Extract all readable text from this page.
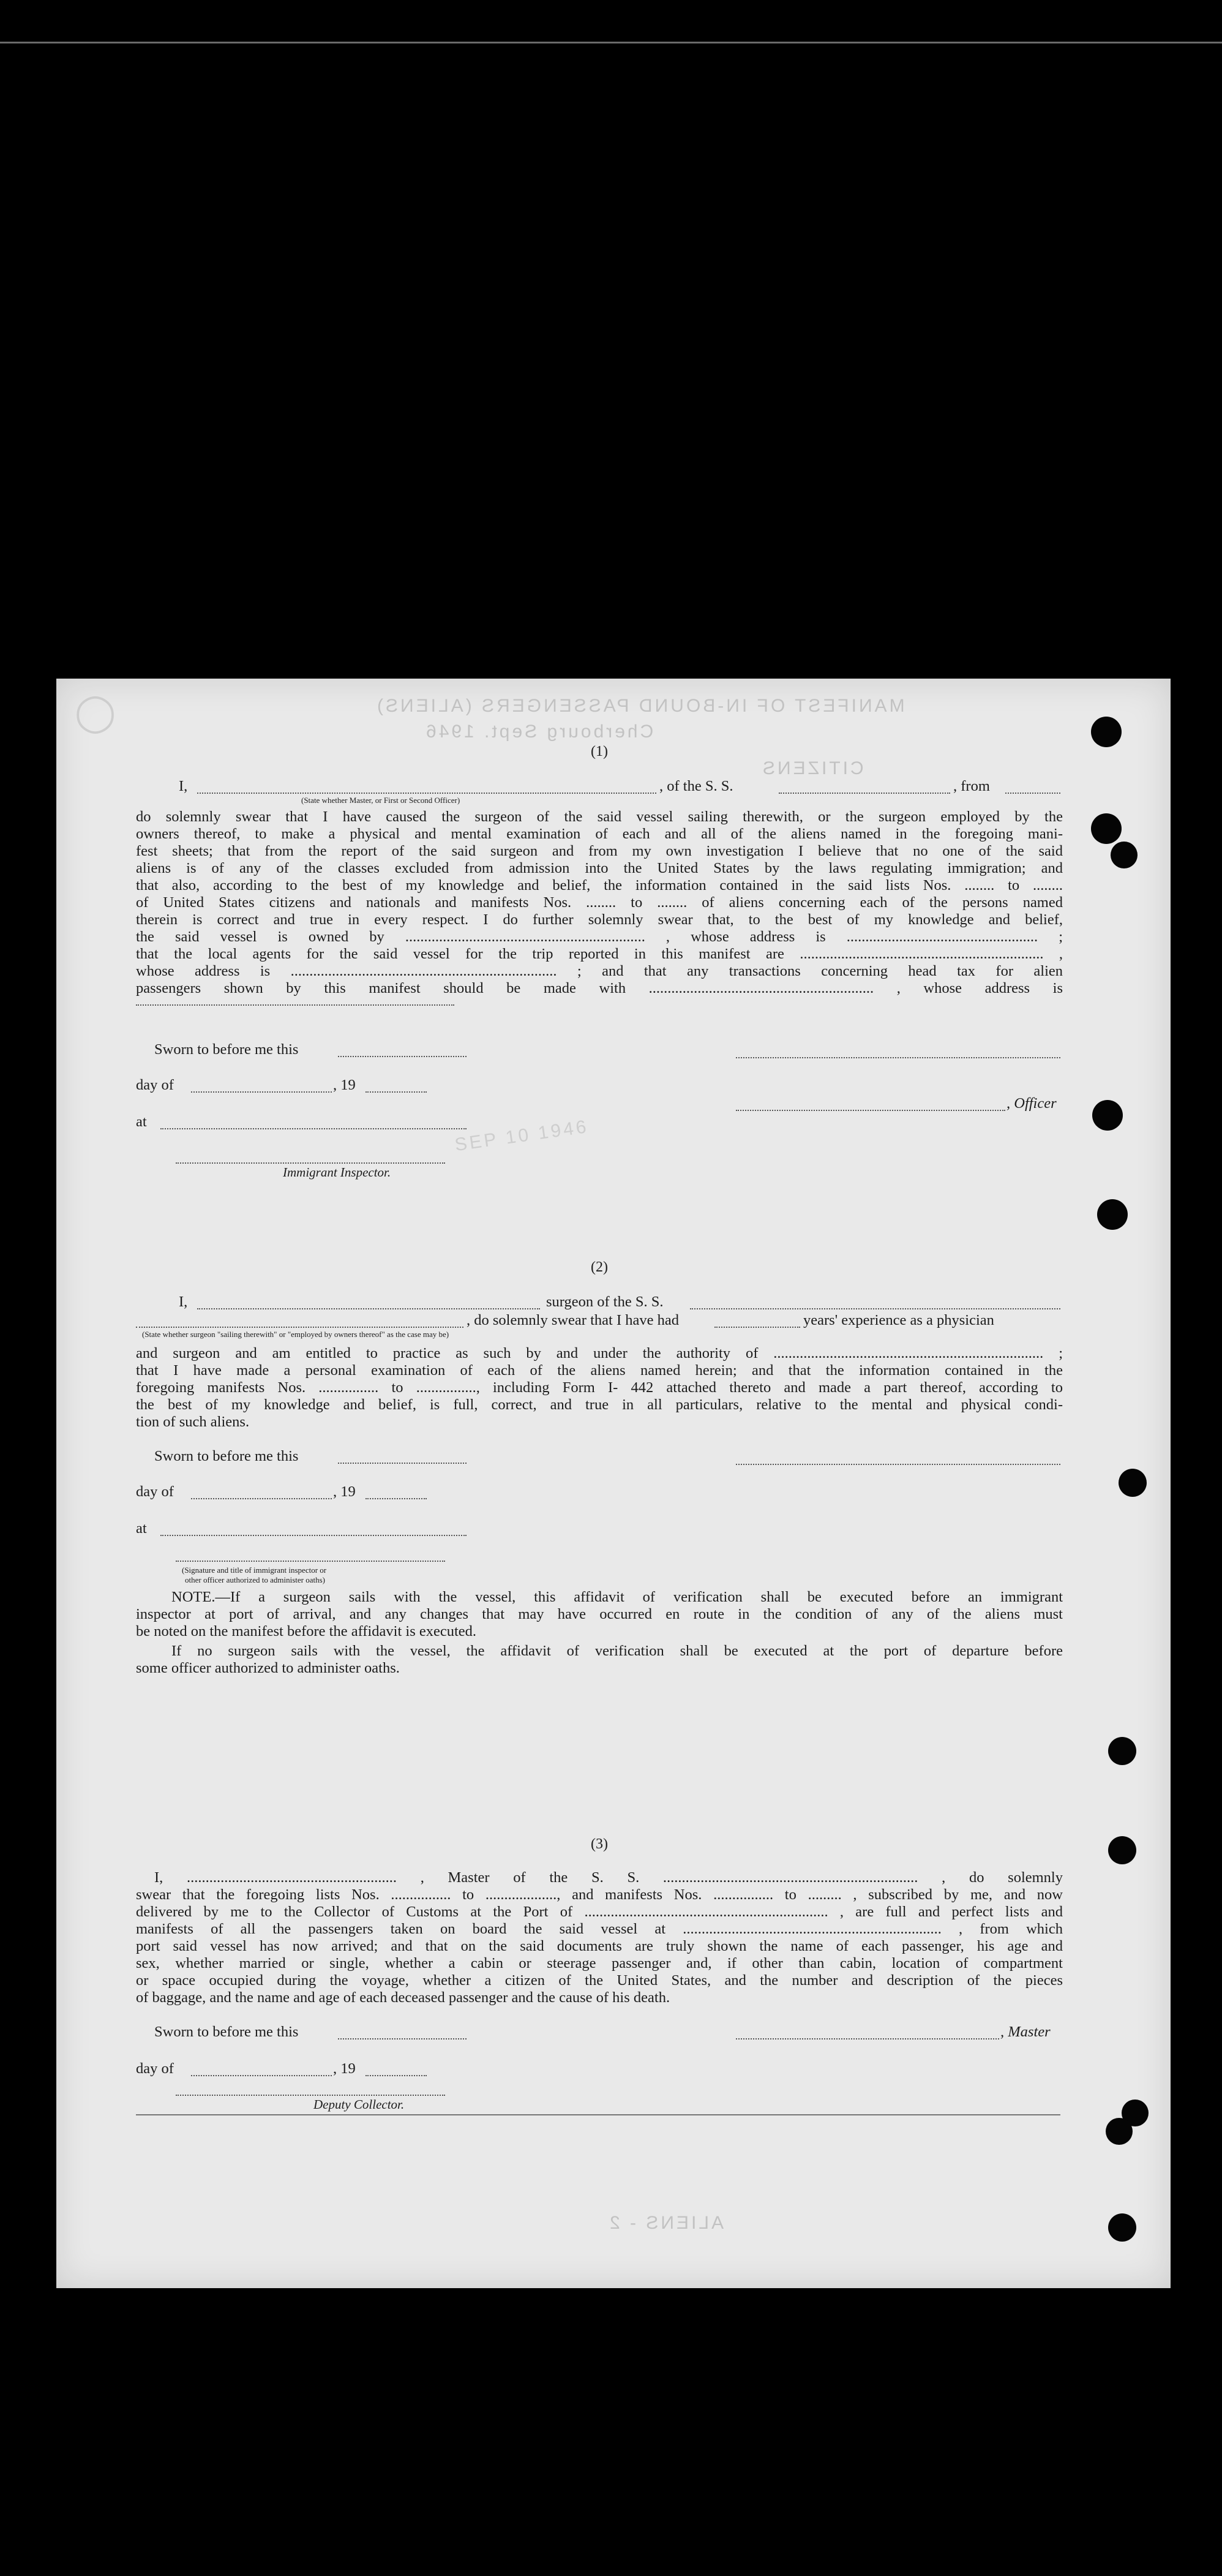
MANIFEST OF IN-BOUND PASSENGERS (ALIENS)
Cherbourg Sept. 1946
CITIZENS
◯
ALIENS - 2
SEP 10 1946
(1)
I,	, of the S. S.	, from
(State whether Master, or First or Second Officer)
do solemnly swear that I have caused the surgeon of the said vessel sailing therewith, or the surgeon employed by the
owners thereof, to make a physical and mental examination of each and all of the aliens named in the foregoing mani-
fest sheets; that from the report of the said surgeon and from my own investigation I believe that no one of the said
aliens is of any of the classes excluded from admission into the United States by the laws regulating immigration; and
that also, according to the best of my knowledge and belief, the information contained in the said lists Nos. ........ to ........
of United States citizens and nationals and manifests Nos. ........ to ........ of aliens concerning each of the persons named
therein is correct and true in every respect. I do further solemnly swear that, to the best of my knowledge and belief,
the said vessel is owned by ................................................................ , whose address is ................................................... ;
that the local agents for the said vessel for the trip reported in this manifest are ................................................................. ,
whose address is ....................................................................... ; and that any transactions concerning head tax for alien
passengers shown by this manifest should be made with ............................................................ , whose address is
Sworn to before me this
day of	, 19
, Officer
at
Immigrant Inspector.
(2)
I,	surgeon of the S. S.
, do solemnly swear that I have had	years' experience as a physician
(State whether surgeon "sailing therewith" or "employed by owners thereof" as the case may be)
and surgeon and am entitled to practice as such by and under the authority of ........................................................................ ;
that I have made a personal examination of each of the aliens named herein; and that the information contained in the
foregoing manifests Nos. ................ to ................, including Form I- 442 attached thereto and made a part thereof, according to
the best of my knowledge and belief, is full, correct, and true in all particulars, relative to the mental and physical condi-
tion of such aliens.
Sworn to before me this
day of	, 19
at
(Signature and title of immigrant inspector or
other officer authorized to administer oaths)
NOTE.—If a surgeon sails with the vessel, this affidavit of verification shall be executed before an immigrant
inspector at port of arrival, and any changes that may have occurred en route in the condition of any of the aliens must
be noted on the manifest before the affidavit is executed.
If no surgeon sails with the vessel, the affidavit of verification shall be executed at the port of departure before
some officer authorized to administer oaths.
(3)
I, ........................................................ , Master of the S. S. .................................................................... , do solemnly
swear that the foregoing lists Nos. ................ to ..................., and manifests Nos. ................ to ......... , subscribed by me, and now
delivered by me to the Collector of Customs at the Port of ................................................................. , are full and perfect lists and
manifests of all the passengers taken on board the said vessel at ..................................................................... , from which
port said vessel has now arrived; and that on the said documents are truly shown the name of each passenger, his age and
sex, whether married or single, whether a cabin or steerage passenger and, if other than cabin, location of compartment
or space occupied during the voyage, whether a citizen of the United States, and the number and description of the pieces
of baggage, and the name and age of each deceased passenger and the cause of his death.
Sworn to before me this	, Master
day of	, 19
Deputy Collector.
